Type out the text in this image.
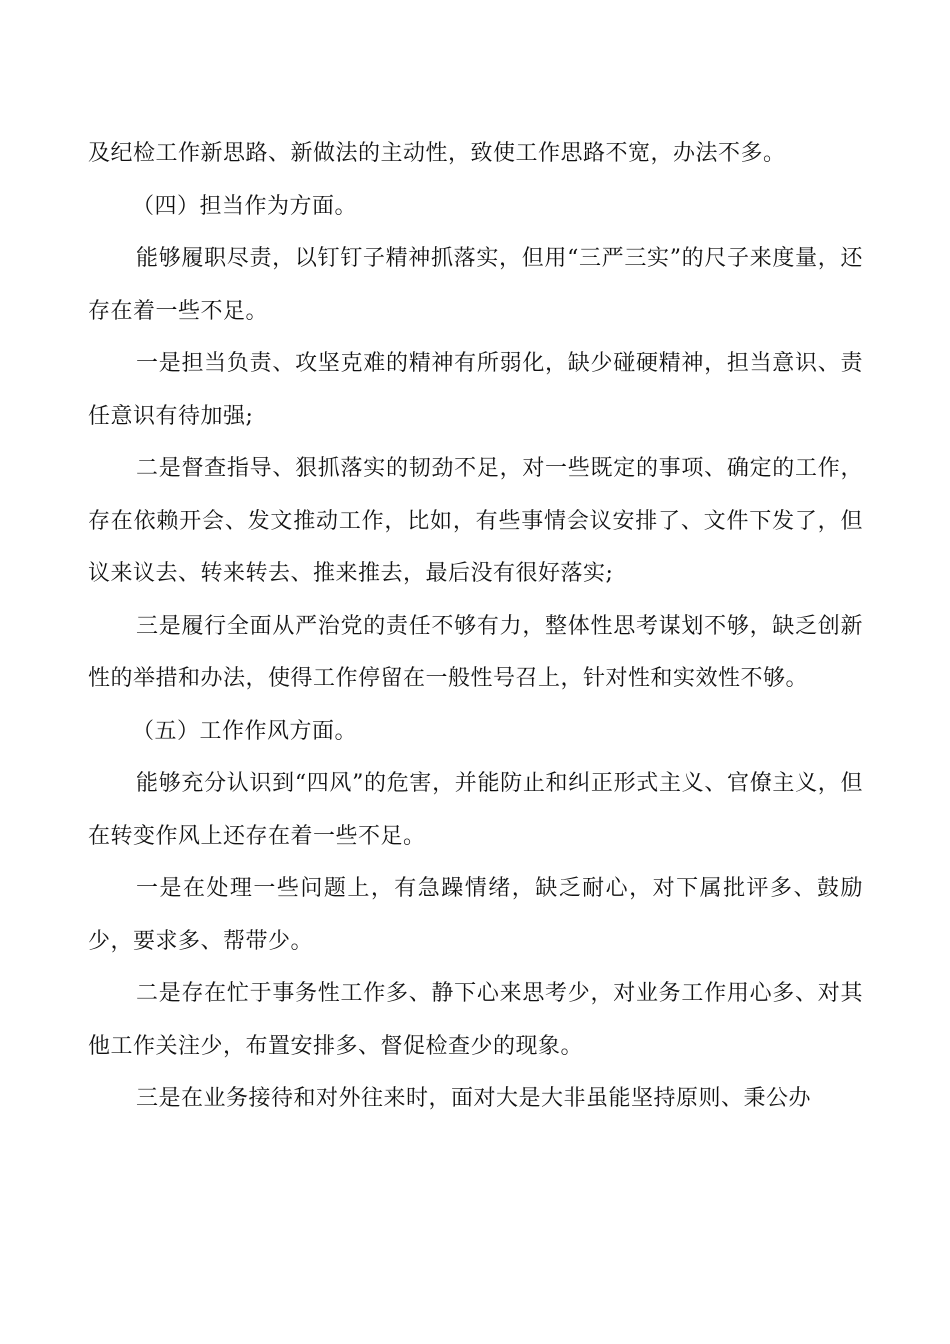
及纪检工作新思路、新做法的主动性，致使工作思路不宽，办法不多。

（四）担当作为方面。

能够履职尽责，以钉钉子精神抓落实，但用“三严三实”的尺子来度量，还存在着一些不足。

一是担当负责、攻坚克难的精神有所弱化，缺少碰硬精神，担当意识、责任意识有待加强;

二是督查指导、狠抓落实的韧劲不足，对一些既定的事项、确定的工作，存在依赖开会、发文推动工作，比如，有些事情会议安排了、文件下发了，但议来议去、转来转去、推来推去，最后没有很好落实;

三是履行全面从严治党的责任不够有力，整体性思考谋划不够，缺乏创新性的举措和办法，使得工作停留在一般性号召上，针对性和实效性不够。

（五）工作作风方面。

能够充分认识到“四风”的危害，并能防止和纠正形式主义、官僚主义，但在转变作风上还存在着一些不足。

一是在处理一些问题上，有急躁情绪，缺乏耐心，对下属批评多、鼓励少，要求多、帮带少。

二是存在忙于事务性工作多、静下心来思考少，对业务工作用心多、对其他工作关注少，布置安排多、督促检查少的现象。

三是在业务接待和对外往来时，面对大是大非虽能坚持原则、秉公办
